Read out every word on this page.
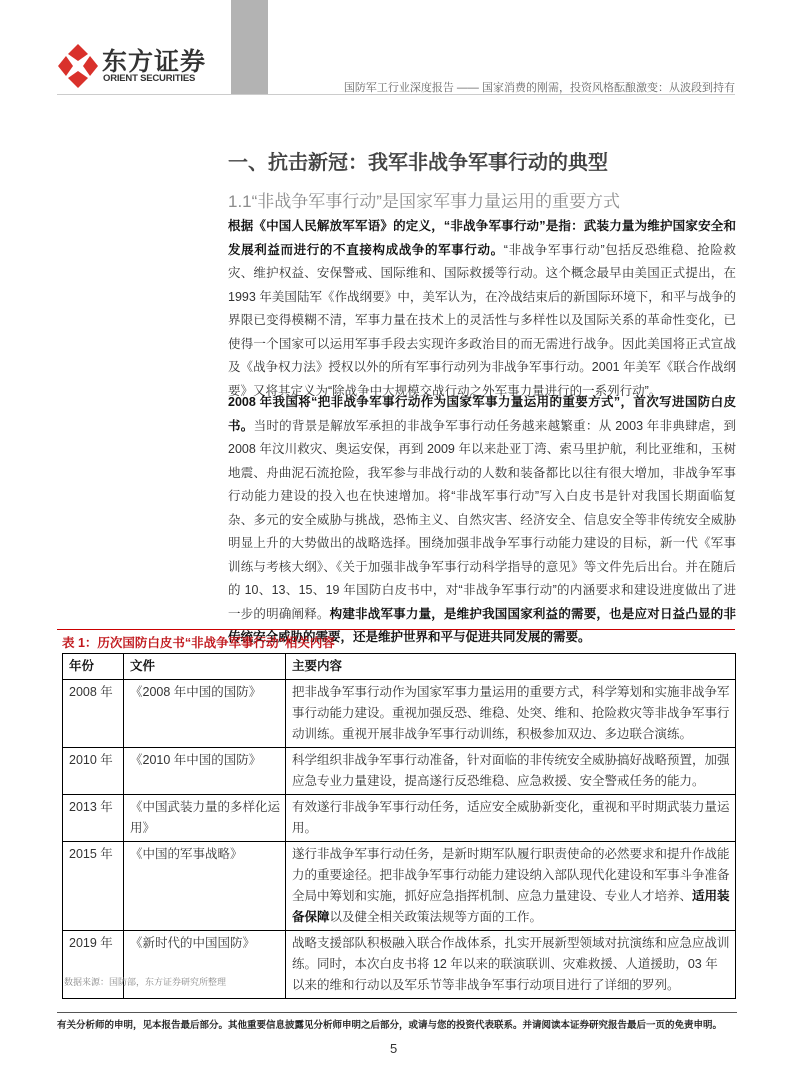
东方证券
ORIENT SECURITIES
国防军工行业深度报告 —— 国家消费的刚需，投资风格酝酿激变：从波段到持有
一、抗击新冠：我军非战争军事行动的典型
1.1“非战争军事行动”是国家军事力量运用的重要方式
根据《中国人民解放军军语》的定义，“非战争军事行动”是指：武装力量为维护国家安全和发展利益而进行的不直接构成战争的军事行动。“非战争军事行动”包括反恐维稳、抢险救灾、维护权益、安保警戒、国际维和、国际救援等行动。这个概念最早由美国正式提出，在 1993 年美国陆军《作战纲要》中，美军认为，在冷战结束后的新国际环境下，和平与战争的界限已变得模糊不清，军事力量在技术上的灵活性与多样性以及国际关系的革命性变化，已使得一个国家可以运用军事手段去实现许多政治目的而无需进行战争。因此美国将正式宣战及《战争权力法》授权以外的所有军事行动列为非战争军事行动。2001 年美军《联合作战纲要》又将其定义为“除战争中大规模交战行动之外军事力量进行的一系列行动”。
2008 年我国将“把非战争军事行动作为国家军事力量运用的重要方式”，首次写进国防白皮书。当时的背景是解放军承担的非战争军事行动任务越来越繁重：从 2003 年非典肆虐，到 2008 年汶川救灾、奥运安保，再到 2009 年以来赴亚丁湾、索马里护航，利比亚维和，玉树地震、舟曲泥石流抢险，我军参与非战行动的人数和装备都比以往有很大增加，非战争军事行动能力建设的投入也在快速增加。将“非战军事行动”写入白皮书是针对我国长期面临复杂、多元的安全威胁与挑战，恐怖主义、自然灾害、经济安全、信息安全等非传统安全威胁明显上升的大势做出的战略选择。围绕加强非战争军事行动能力建设的目标，新一代《军事训练与考核大纲》、《关于加强非战争军事行动科学指导的意见》等文件先后出台。并在随后的 10、13、15、19 年国防白皮书中，对“非战争军事行动”的内涵要求和建设进度做出了进一步的明确阐释。构建非战军事力量，是维护我国国家利益的需要，也是应对日益凸显的非传统安全威胁的需要，还是维护世界和平与促进共同发展的需要。
表 1：历次国防白皮书“非战争军事行动”相关内容
年份	文件	主要内容
2008 年	《2008 年中国的国防》	把非战争军事行动作为国家军事力量运用的重要方式，科学筹划和实施非战争军事行动能力建设。重视加强反恐、维稳、处突、维和、抢险救灾等非战争军事行动训练。重视开展非战争军事行动训练，积极参加双边、多边联合演练。
2010 年	《2010 年中国的国防》	科学组织非战争军事行动准备，针对面临的非传统安全威胁搞好战略预置，加强应急专业力量建设，提高遂行反恐维稳、应急救援、安全警戒任务的能力。
2013 年	《中国武装力量的多样化运用》	有效遂行非战争军事行动任务，适应安全威胁新变化，重视和平时期武装力量运用。
2015 年	《中国的军事战略》	遂行非战争军事行动任务，是新时期军队履行职责使命的必然要求和提升作战能力的重要途径。把非战争军事行动能力建设纳入部队现代化建设和军事斗争准备全局中筹划和实施，抓好应急指挥机制、应急力量建设、专业人才培养、适用装备保障以及健全相关政策法规等方面的工作。
2019 年	《新时代的中国国防》	战略支援部队积极融入联合作战体系，扎实开展新型领域对抗演练和应急应战训练。同时，本次白皮书将 12 年以来的联演联训、灾难救援、人道援助，03 年以来的维和行动以及军乐节等非战争军事行动项目进行了详细的罗列。
数据来源：国防部，东方证券研究所整理
有关分析师的申明，见本报告最后部分。其他重要信息披露见分析师申明之后部分，或请与您的投资代表联系。并请阅读本证券研究报告最后一页的免责申明。
5
